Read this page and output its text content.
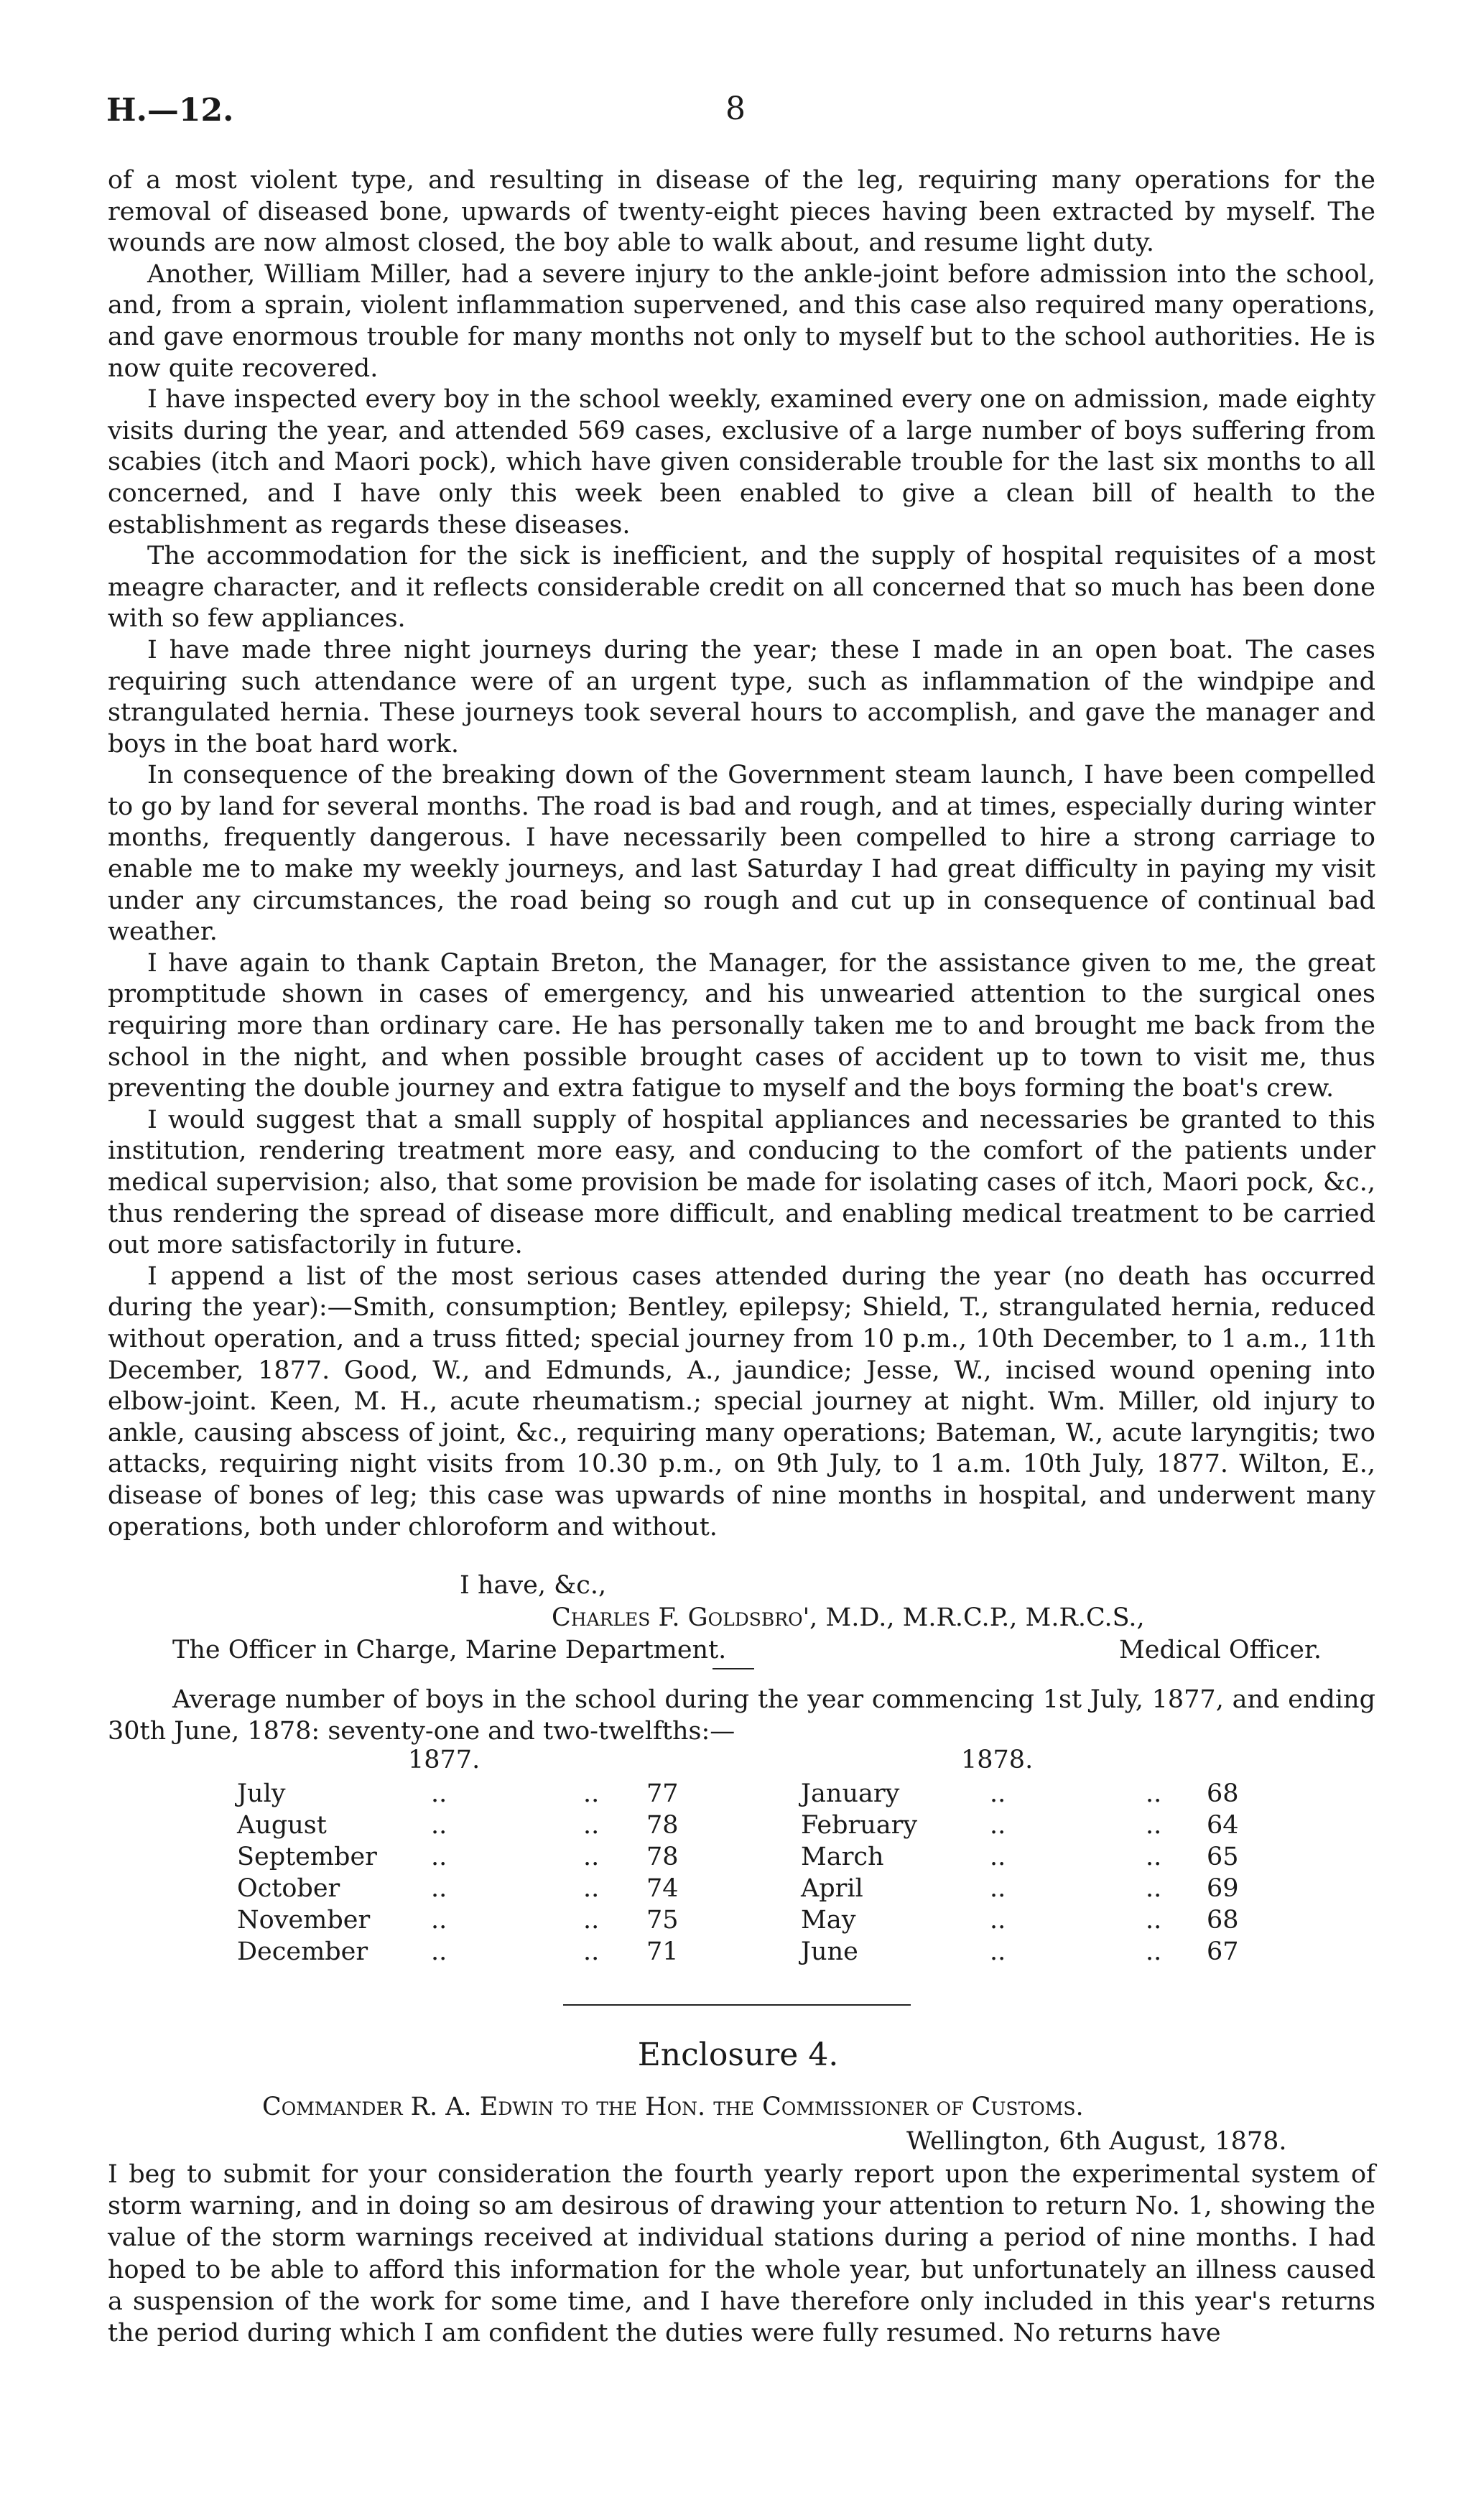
H.—12.	8

of a most violent type, and resulting in disease of the leg, requiring many operations for the removal of diseased bone, upwards of twenty-eight pieces having been extracted by myself. The wounds are now almost closed, the boy able to walk about, and resume light duty.

Another, William Miller, had a severe injury to the ankle-joint before admission into the school, and, from a sprain, violent inflammation supervened, and this case also required many operations, and gave enormous trouble for many months not only to myself but to the school authorities. He is now quite recovered.

I have inspected every boy in the school weekly, examined every one on admission, made eighty visits during the year, and attended 569 cases, exclusive of a large number of boys suffering from scabies (itch and Maori pock), which have given considerable trouble for the last six months to all concerned, and I have only this week been enabled to give a clean bill of health to the establishment as regards these diseases.

The accommodation for the sick is inefficient, and the supply of hospital requisites of a most meagre character, and it reflects considerable credit on all concerned that so much has been done with so few appliances.

I have made three night journeys during the year; these I made in an open boat. The cases requiring such attendance were of an urgent type, such as inflammation of the windpipe and strangulated hernia. These journeys took several hours to accomplish, and gave the manager and boys in the boat hard work.

In consequence of the breaking down of the Government steam launch, I have been compelled to go by land for several months. The road is bad and rough, and at times, especially during winter months, frequently dangerous. I have necessarily been compelled to hire a strong carriage to enable me to make my weekly journeys, and last Saturday I had great difficulty in paying my visit under any circumstances, the road being so rough and cut up in consequence of continual bad weather.

I have again to thank Captain Breton, the Manager, for the assistance given to me, the great promptitude shown in cases of emergency, and his unwearied attention to the surgical ones requiring more than ordinary care. He has personally taken me to and brought me back from the school in the night, and when possible brought cases of accident up to town to visit me, thus preventing the double journey and extra fatigue to myself and the boys forming the boat's crew.

I would suggest that a small supply of hospital appliances and necessaries be granted to this institution, rendering treatment more easy, and conducing to the comfort of the patients under medical supervision; also, that some provision be made for isolating cases of itch, Maori pock, &c., thus rendering the spread of disease more difficult, and enabling medical treatment to be carried out more satisfactorily in future.

I append a list of the most serious cases attended during the year (no death has occurred during the year):—Smith, consumption; Bentley, epilepsy; Shield, T., strangulated hernia, reduced without operation, and a truss fitted; special journey from 10 p.m., 10th December, to 1 a.m., 11th December, 1877. Good, W., and Edmunds, A., jaundice; Jesse, W., incised wound opening into elbow-joint. Keen, M. H., acute rheumatism.; special journey at night. Wm. Miller, old injury to ankle, causing abscess of joint, &c., requiring many operations; Bateman, W., acute laryngitis; two attacks, requiring night visits from 10.30 p.m., on 9th July, to 1 a.m. 10th July, 1877. Wilton, E., disease of bones of leg; this case was upwards of nine months in hospital, and underwent many operations, both under chloroform and without.

I have, &c.,
Charles F. Goldsbro', M.D., M.R.C.P., M.R.C.S.,
The Officer in Charge, Marine Department.	Medical Officer.

Average number of boys in the school during the year commencing 1st July, 1877, and ending 30th June, 1878: seventy-one and two-twelfths:—

1877.	1878.
July	..	.. 77	January	..	.. 68
August	..	.. 78	February	..	.. 64
September ..	.. 78	March	..	.. 65
October	..	.. 74	April	..	.. 69
November ..	.. 75	May	..	.. 68
December	..	.. 71	June	..	.. 67
Enclosure 4.
Commander R. A. Edwin to the Hon. the Commissioner of Customs.
Wellington, 6th August, 1878.

I beg to submit for your consideration the fourth yearly report upon the experimental system of storm warning, and in doing so am desirous of drawing your attention to return No. 1, showing the value of the storm warnings received at individual stations during a period of nine months. I had hoped to be able to afford this information for the whole year, but unfortunately an illness caused a suspension of the work for some time, and I have therefore only included in this year's returns the period during which I am confident the duties were fully resumed. No returns have
